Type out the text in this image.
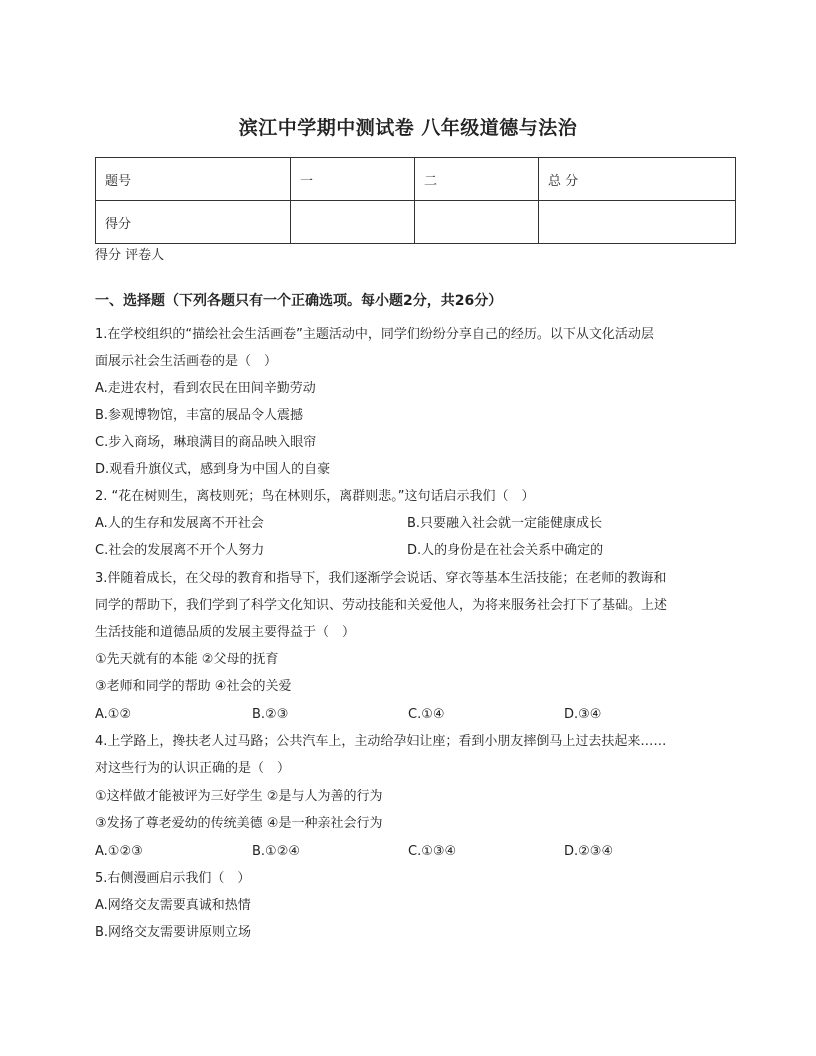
滨江中学期中测试卷 八年级道德与法治
题号	一	二	总 分
得分			
得分 评卷人
一、选择题（下列各题只有一个正确选项。每小题2分，共26分）
1.在学校组织的“描绘社会生活画卷”主题活动中，同学们纷纷分享自己的经历。以下从文化活动层
面展示社会生活画卷的是（　）
A.走进农村，看到农民在田间辛勤劳动
B.参观博物馆，丰富的展品令人震撼
C.步入商场，琳琅满目的商品映入眼帘
D.观看升旗仪式，感到身为中国人的自豪
2. “花在树则生，离枝则死；鸟在林则乐，离群则悲。”这句话启示我们（　）
A.人的生存和发展离不开社会	B.只要融入社会就一定能健康成长
C.社会的发展离不开个人努力	D.人的身份是在社会关系中确定的
3.伴随着成长，在父母的教育和指导下，我们逐渐学会说话、穿衣等基本生活技能；在老师的教诲和
同学的帮助下，我们学到了科学文化知识、劳动技能和关爱他人，为将来服务社会打下了基础。上述
生活技能和道德品质的发展主要得益于（　）
①先天就有的本能 ②父母的抚育
③老师和同学的帮助 ④社会的关爱
A.①②	B.②③	C.①④	D.③④
4.上学路上，搀扶老人过马路；公共汽车上，主动给孕妇让座；看到小朋友摔倒马上过去扶起来……
对这些行为的认识正确的是（　）
①这样做才能被评为三好学生 ②是与人为善的行为
③发扬了尊老爱幼的传统美德 ④是一种亲社会行为
A.①②③	B.①②④	C.①③④	D.②③④
5.右侧漫画启示我们（　）
A.网络交友需要真诚和热情
B.网络交友需要讲原则立场
